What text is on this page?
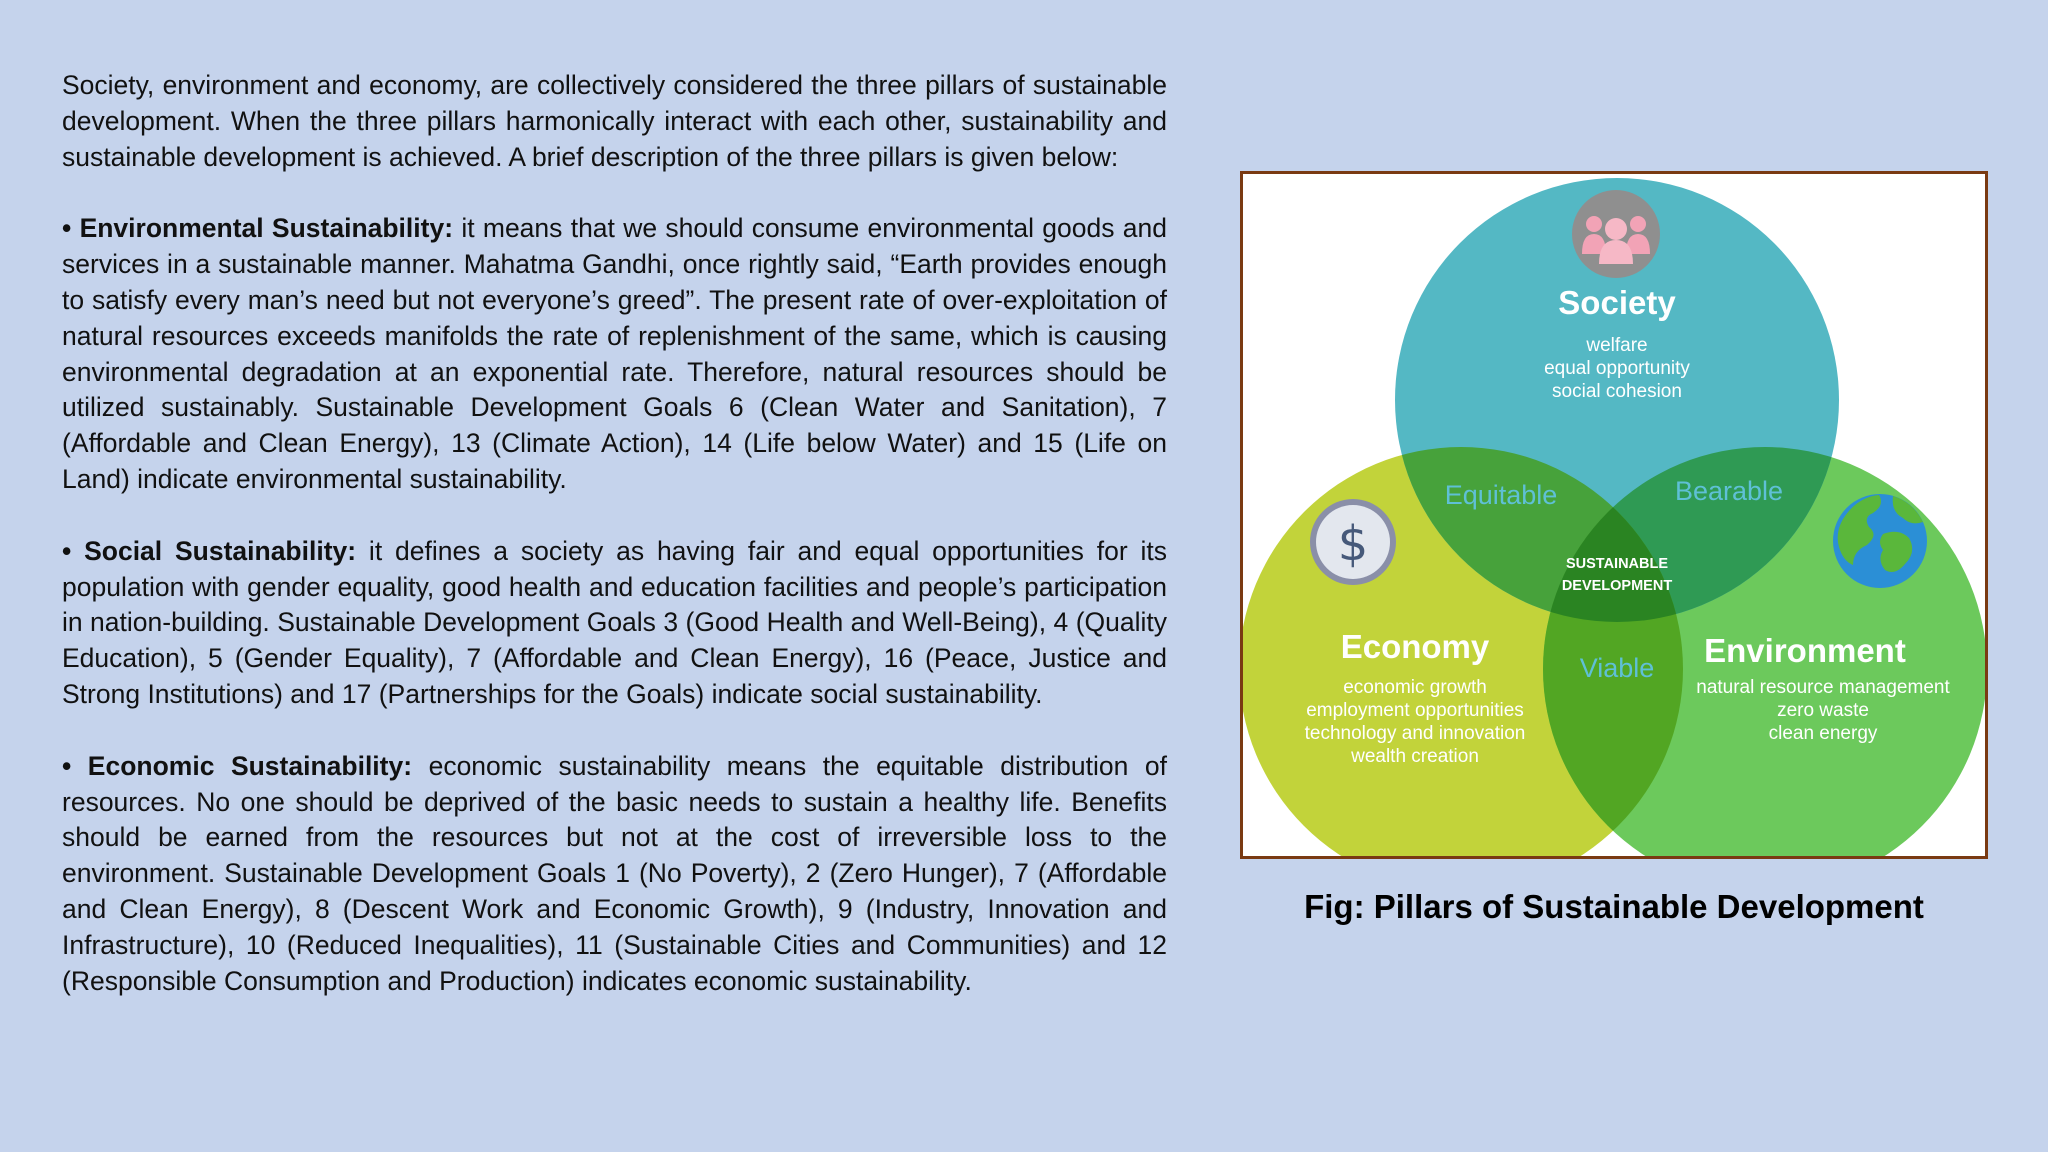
Society, environment and economy, are collectively considered the three pillars of sustainable development. When the three pillars harmonically interact with each other, sustainability and sustainable development is achieved. A brief description of the three pillars is given below:

• Environmental Sustainability: it means that we should consume environmental goods and services in a sustainable manner. Mahatma Gandhi, once rightly said, “Earth provides enough to satisfy every man’s need but not everyone’s greed”. The present rate of over-exploitation of natural resources exceeds manifolds the rate of replenishment of the same, which is causing environmental degradation at an exponential rate. Therefore, natural resources should be utilized sustainably. Sustainable Development Goals 6 (Clean Water and Sanitation), 7 (Affordable and Clean Energy), 13 (Climate Action), 14 (Life below Water) and 15 (Life on Land) indicate environmental sustainability.

• Social Sustainability: it defines a society as having fair and equal opportunities for its population with gender equality, good health and education facilities and people’s participation in nation-building. Sustainable Development Goals 3 (Good Health and Well-Being), 4 (Quality Education), 5 (Gender Equality), 7 (Affordable and Clean Energy), 16 (Peace, Justice and Strong Institutions) and 17 (Partnerships for the Goals) indicate social sustainability.

• Economic Sustainability: economic sustainability means the equitable distribution of resources. No one should be deprived of the basic needs to sustain a healthy life. Benefits should be earned from the resources but not at the cost of irreversible loss to the environment. Sustainable Development Goals 1 (No Poverty), 2 (Zero Hunger), 7 (Affordable and Clean Energy), 8 (Descent Work and Economic Growth), 9 (Industry, Innovation and Infrastructure), 10 (Reduced Inequalities), 11 (Sustainable Cities and Communities) and 12 (Responsible Consumption and Production) indicates economic sustainability.

$
Society
welfare
equal opportunity
social cohesion
Economy
economic growth
employment opportunities
technology and innovation
wealth creation
Environment
natural resource management
zero waste
clean energy
Equitable	Bearable
Viable
SUSTAINABLE
DEVELOPMENT
Fig: Pillars of Sustainable Development
